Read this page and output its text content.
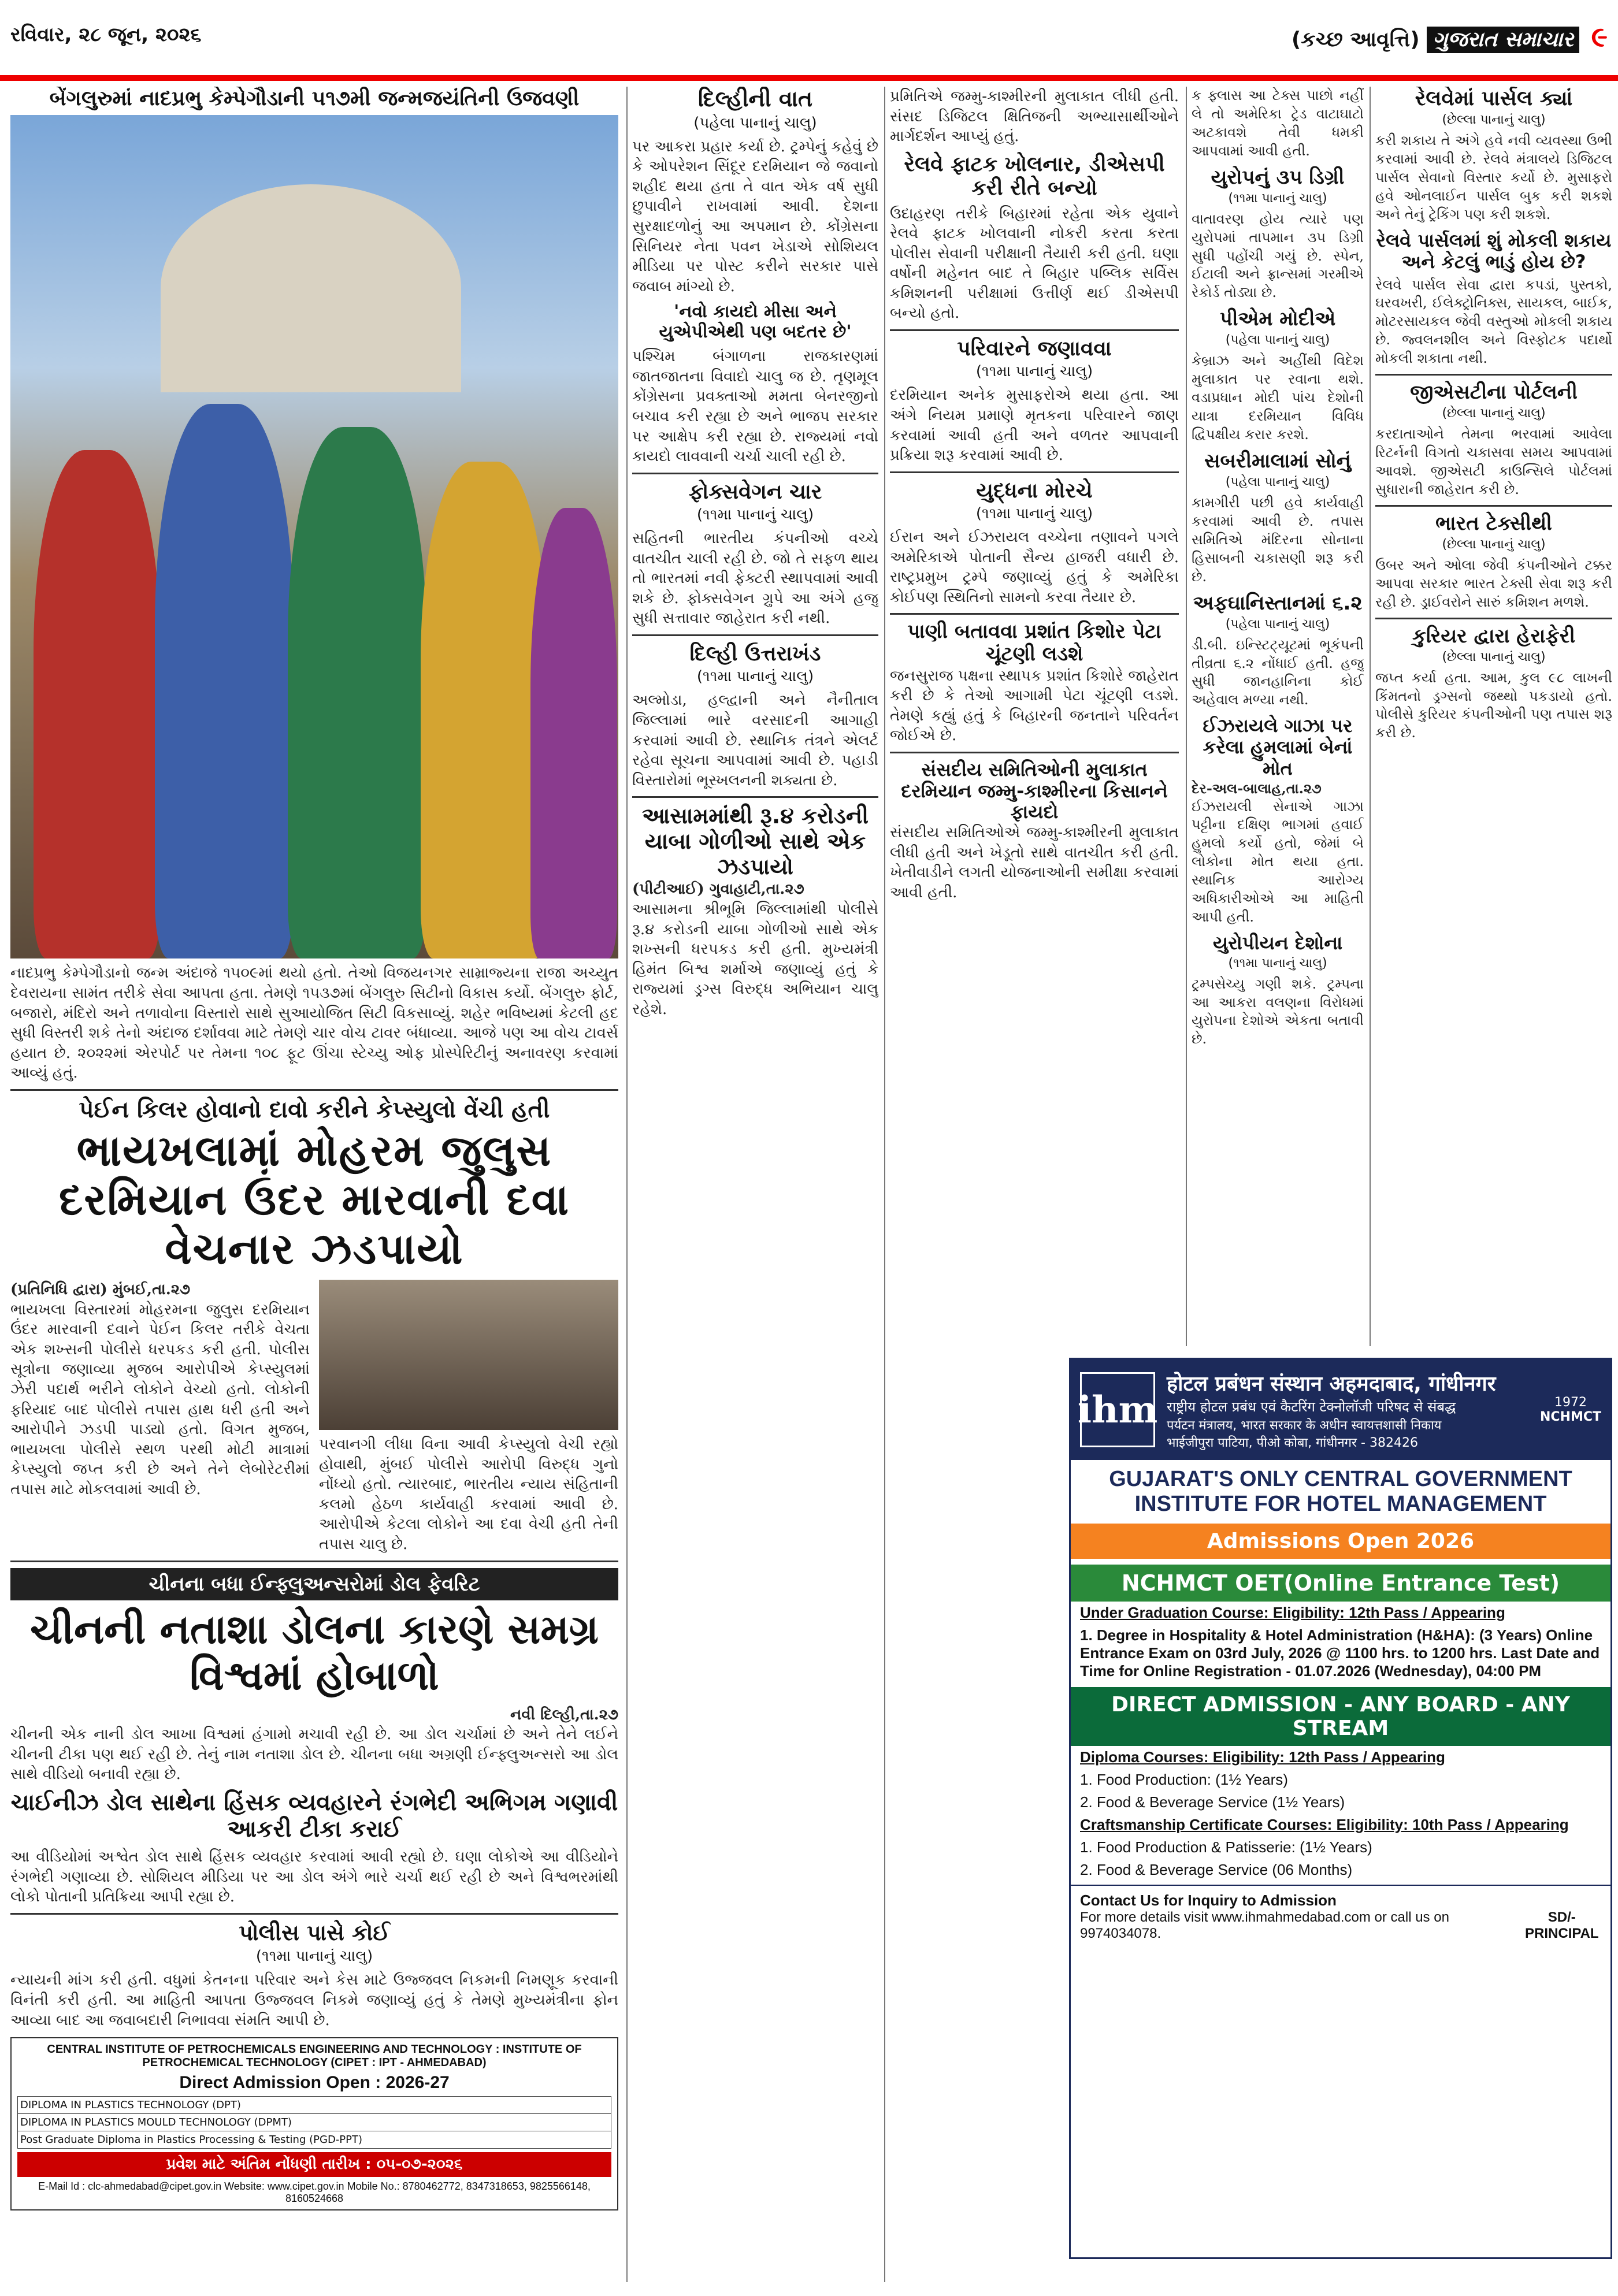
રવિવાર, ૨૮ જૂન, ૨૦૨૬	(કચ્છ આવૃત્તિ) ગુજરાત સમાચાર ૯
બેંગલુરુમાં નાદપ્રભુ કેમ્પેગૌડાની ૫૧૭મી જન્મજયંતિની ઉજવણી
નાદપ્રભુ કેમ્પેગૌડાનો જન્મ અંદાજે ૧૫૦૯માં થયો હતો. તેઓ વિજયનગર સામ્રાજ્યના રાજા અચ્યુત દેવરાયના સામંત તરીકે સેવા આપતા હતા. તેમણે ૧૫૩૭માં બેંગલુરુ સિટીનો વિકાસ કર્યો. બેંગલુરુ ફોર્ટ, બજારો, મંદિરો અને તળાવોના વિસ્તારો સાથે સુઆયોજિત સિટી વિકસાવ્યું. શહેર ભવિષ્યમાં કેટલી હદ સુધી વિસ્તરી શકે તેનો અંદાજ દર્શાવવા માટે તેમણે ચાર વોચ ટાવર બંધાવ્યા. આજે પણ આ વોચ ટાવર્સ હયાત છે. ૨૦૨૨માં એરપોર્ટ પર તેમના ૧૦૮ ફૂટ ઊંચા સ્ટેચ્યુ ઓફ પ્રોસ્પેરિટીનું અનાવરણ કરવામાં આવ્યું હતું.
પેઈન કિલર હોવાનો દાવો કરીને કેપ્સ્યુલો વેંચી હતી
ભાયખલામાં મોહરમ જુલુસ દરમિયાન ઉંદર મારવાની દવા વેચનાર ઝડપાયો
(પ્રતિનિધિ દ્વારા) મુંબઈ,તા.૨૭
ભાયખલા વિસ્તારમાં મોહરમના જુલુસ દરમિયાન ઉંદર મારવાની દવાને પેઈન કિલર તરીકે વેચતા એક શખ્સની પોલીસે ધરપકડ કરી હતી. પોલીસ સૂત્રોના જણાવ્યા મુજબ આરોપીએ કેપ્સ્યુલમાં ઝેરી પદાર્થ ભરીને લોકોને વેચ્યો હતો. લોકોની ફરિયાદ બાદ પોલીસે તપાસ હાથ ધરી હતી અને આરોપીને ઝડપી પાડ્યો હતો. વિગત મુજબ, ભાયખલા પોલીસે સ્થળ પરથી મોટી માત્રામાં કેપ્સ્યુલો જપ્ત કરી છે અને તેને લેબોરેટરીમાં તપાસ માટે મોકલવામાં આવી છે.
પરવાનગી લીધા વિના આવી કેપ્સ્યુલો વેચી રહ્યો હોવાથી, મુંબઈ પોલીસે આરોપી વિરુદ્ધ ગુનો નોંધ્યો હતો. ત્યારબાદ, ભારતીય ન્યાય સંહિતાની કલમો હેઠળ કાર્યવાહી કરવામાં આવી છે. આરોપીએ કેટલા લોકોને આ દવા વેચી હતી તેની તપાસ ચાલુ છે.
ચીનના બધા ઈન્ફ્લુઅન્સરોમાં ડોલ ફેવરિટ
ચીનની નતાશા ડોલના કારણે સમગ્ર વિશ્વમાં હોબાળો
નવી દિલ્હી,તા.૨૭
ચીનની એક નાની ડોલ આખા વિશ્વમાં હંગામો મચાવી રહી છે. આ ડોલ ચર્ચામાં છે અને તેને લઈને ચીનની ટીકા પણ થઈ રહી છે. તેનું નામ નતાશા ડોલ છે. ચીનના બધા અગ્રણી ઈન્ફ્લુઅન્સરો આ ડોલ સાથે વીડિયો બનાવી રહ્યા છે.
ચાઈનીઝ ડોલ સાથેના હિંસક વ્યવહારને રંગભેદી અભિગમ ગણાવી આકરી ટીકા કરાઈ
આ વીડિયોમાં અશ્વેત ડોલ સાથે હિંસક વ્યવહાર કરવામાં આવી રહ્યો છે. ઘણા લોકોએ આ વીડિયોને રંગભેદી ગણાવ્યા છે. સોશિયલ મીડિયા પર આ ડોલ અંગે ભારે ચર્ચા થઈ રહી છે અને વિશ્વભરમાંથી લોકો પોતાની પ્રતિક્રિયા આપી રહ્યા છે.
પોલીસ પાસે કોઈ
(૧૧મા પાનાનું ચાલુ)
ન્યાયની માંગ કરી હતી. વધુમાં કેતનના પરિવાર અને કેસ માટે ઉજ્જવલ નિકમની નિમણૂક કરવાની વિનંતી કરી હતી. આ માહિતી આપતા ઉજ્જવલ નિકમે જણાવ્યું હતું કે તેમણે મુખ્યમંત્રીના ફોન આવ્યા બાદ આ જવાબદારી નિભાવવા સંમતિ આપી છે.
CENTRAL INSTITUTE OF PETROCHEMICALS ENGINEERING AND TECHNOLOGY : INSTITUTE OF PETROCHEMICAL TECHNOLOGY (CIPET : IPT - AHMEDABAD)
Direct Admission Open : 2026-27
DIPLOMA IN PLASTICS TECHNOLOGY (DPT)
DIPLOMA IN PLASTICS MOULD TECHNOLOGY (DPMT)
Post Graduate Diploma in Plastics Processing & Testing (PGD-PPT)
પ્રવેશ માટે અંતિમ નોંધણી તારીખ : ૦૫-૦૭-૨૦૨૬
E-Mail Id : clc-ahmedabad@cipet.gov.in Website: www.cipet.gov.in Mobile No.: 8780462772, 8347318653, 9825566148, 8160524668
દિલ્હીની વાત
(પહેલા પાનાનું ચાલુ)
પર આકરા પ્રહાર કર્યા છે. ટ્રમ્પેનું કહેવું છે કે ઓપરેશન સિંદૂર દરમિયાન જે જવાનો શહીદ થયા હતા તે વાત એક વર્ષ સુધી છુપાવીને રાખવામાં આવી. દેશના સુરક્ષાદળોનું આ અપમાન છે. કોંગ્રેસના સિનિયર નેતા પવન ખેડાએ સોશિયલ મીડિયા પર પોસ્ટ કરીને સરકાર પાસે જવાબ માંગ્યો છે.
'નવો કાયદો મીસા અને યુએપીએથી પણ બદતર છે'
પશ્ચિમ બંગાળના રાજકારણમાં જાતજાતના વિવાદો ચાલુ જ છે. તૃણમૂલ કોંગ્રેસના પ્રવક્તાઓ મમતા બેનરજીનો બચાવ કરી રહ્યા છે અને ભાજપ સરકાર પર આક્ષેપ કરી રહ્યા છે. રાજ્યમાં નવો કાયદો લાવવાની ચર્ચા ચાલી રહી છે.
ફોક્સવેગન ચાર
(૧૧મા પાનાનું ચાલુ)
સહિતની ભારતીય કંપનીઓ વચ્ચે વાતચીત ચાલી રહી છે. જો તે સફળ થાય તો ભારતમાં નવી ફેક્ટરી સ્થાપવામાં આવી શકે છે. ફોક્સવેગન ગ્રુપે આ અંગે હજુ સુધી સત્તાવાર જાહેરાત કરી નથી.
દિલ્હી ઉત્તરાખંડ
(૧૧મા પાનાનું ચાલુ)
અલ્મોડા, હલ્દ્વાની અને નૈનીતાલ જિલ્લામાં ભારે વરસાદની આગાહી કરવામાં આવી છે. સ્થાનિક તંત્રને એલર્ટ રહેવા સૂચના આપવામાં આવી છે. પહાડી વિસ્તારોમાં ભૂસ્ખલનની શક્યતા છે.
આસામમાંથી રૂ.૪ કરોડની યાબા ગોળીઓ સાથે એક ઝડપાયો
(પીટીઆઈ) ગુવાહાટી,તા.૨૭
આસામના શ્રીભૂમિ જિલ્લામાંથી પોલીસે રૂ.૪ કરોડની યાબા ગોળીઓ સાથે એક શખ્સની ધરપકડ કરી હતી. મુખ્યમંત્રી હિમંત બિશ્વ શર્માએ જણાવ્યું હતું કે રાજ્યમાં ડ્રગ્સ વિરુદ્ધ અભિયાન ચાલુ રહેશે.
પ્રમિતિએ જમ્મુ-કાશ્મીરની મુલાકાત લીધી હતી. સંસદ ડિજિટલ ક્ષિતિજની અભ્યાસાર્થીઓને માર્ગદર્શન આપ્યું હતું.
રેલવે ફાટક ખોલનાર, ડીએસપી કરી રીતે બન્યો
ઉદાહરણ તરીકે બિહારમાં રહેતા એક યુવાને રેલવે ફાટક ખોલવાની નોકરી કરતા કરતા પોલીસ સેવાની પરીક્ષાની તૈયારી કરી હતી. ઘણા વર્ષોની મહેનત બાદ તે બિહાર પબ્લિક સર્વિસ કમિશનની પરીક્ષામાં ઉત્તીર્ણ થઈ ડીએસપી બન્યો હતો.
પરિવારને જણાવવા
(૧૧મા પાનાનું ચાલુ)
દરમિયાન અનેક મુસાફરોએ થયા હતા. આ અંગે નિયમ પ્રમાણે મૃતકના પરિવારને જાણ કરવામાં આવી હતી અને વળતર આપવાની પ્રક્રિયા શરૂ કરવામાં આવી છે.
યુદ્ધના મોરચે
(૧૧મા પાનાનું ચાલુ)
ઈરાન અને ઈઝરાયલ વચ્ચેના તણાવને પગલે અમેરિકાએ પોતાની સૈન્ય હાજરી વધારી છે. રાષ્ટ્રપ્રમુખ ટ્રમ્પે જણાવ્યું હતું કે અમેરિકા કોઈપણ સ્થિતિનો સામનો કરવા તૈયાર છે.
પાણી બતાવવા પ્રશાંત કિશોર પેટા ચૂંટણી લડશે
જનસુરાજ પક્ષના સ્થાપક પ્રશાંત કિશોરે જાહેરાત કરી છે કે તેઓ આગામી પેટા ચૂંટણી લડશે. તેમણે કહ્યું હતું કે બિહારની જનતાને પરિવર્તન જોઈએ છે.
સંસદીય સમિતિઓની મુલાકાત દરમિયાન જમ્મુ-કાશ્મીરના કિસાનને ફાયદો
સંસદીય સમિતિઓએ જમ્મુ-કાશ્મીરની મુલાકાત લીધી હતી અને ખેડૂતો સાથે વાતચીત કરી હતી. ખેતીવાડીને લગતી યોજનાઓની સમીક્ષા કરવામાં આવી હતી.
ક ફ્લાસ આ ટેક્સ પાછો નહીં લે તો અમેરિકા ટ્રેડ વાટાઘાટો અટકાવશે તેવી ધમકી આપવામાં આવી હતી.
યુરોપનું ૩૫ ડિગ્રી
(૧૧મા પાનાનું ચાલુ)
વાતાવરણ હોય ત્યારે પણ યુરોપમાં તાપમાન ૩૫ ડિગ્રી સુધી પહોંચી ગયું છે. સ્પેન, ઈટાલી અને ફ્રાન્સમાં ગરમીએ રેકોર્ડ તોડ્યા છે.
પીએમ મોદીએ
(પહેલા પાનાનું ચાલુ)
કેબ્રાઝ અને અહીંથી વિદેશ મુલાકાત પર રવાના થશે. વડાપ્રધાન મોદી પાંચ દેશોની યાત્રા દરમિયાન વિવિધ દ્વિપક્ષીય કરાર કરશે.
સબરીમાલામાં સોનું
(પહેલા પાનાનું ચાલુ)
કામગીરી પછી હવે કાર્યવાહી કરવામાં આવી છે. તપાસ સમિતિએ મંદિરના સોનાના હિસાબની ચકાસણી શરૂ કરી છે.
અફઘાનિસ્તાનમાં ૬.૨
(પહેલા પાનાનું ચાલુ)
ડી.બી. ઇન્સ્ટિટ્યૂટમાં ભૂકંપની તીવ્રતા ૬.૨ નોંધાઈ હતી. હજુ સુધી જાનહાનિના કોઈ અહેવાલ મળ્યા નથી.
ઈઝરાયલે ગાઝા પર કરેલા હુમલામાં બેનાં મોત
દેર-અલ-બાલાહ,તા.૨૭
ઈઝરાયલી સેનાએ ગાઝા પટ્ટીના દક્ષિણ ભાગમાં હવાઈ હુમલો કર્યો હતો, જેમાં બે લોકોના મોત થયા હતા. સ્થાનિક આરોગ્ય અધિકારીઓએ આ માહિતી આપી હતી.
યુરોપીયન દેશોના
(૧૧મા પાનાનું ચાલુ)
ટ્રમ્પસેચ્યુ ગણી શકે. ટ્રમ્પના આ આકરા વલણના વિરોધમાં યુરોપના દેશોએ એકતા બતાવી છે.
રેલવેમાં પાર્સલ ક્યાં
(છેલ્લા પાનાનું ચાલુ)
કરી શકાય તે અંગે હવે નવી વ્યવસ્થા ઉભી કરવામાં આવી છે. રેલવે મંત્રાલયે ડિજિટલ પાર્સલ સેવાનો વિસ્તાર કર્યો છે. મુસાફરો હવે ઓનલાઈન પાર્સલ બુક કરી શકશે અને તેનું ટ્રેકિંગ પણ કરી શકશે.
રેલવે પાર્સલમાં શું મોકલી શકાય અને કેટલું ભાડું હોય છે?
રેલવે પાર્સલ સેવા દ્વારા કપડાં, પુસ્તકો, ઘરવખરી, ઈલેક્ટ્રોનિક્સ, સાયકલ, બાઈક, મોટરસાયકલ જેવી વસ્તુઓ મોકલી શકાય છે. જ્વલનશીલ અને વિસ્ફોટક પદાર્થો મોકલી શકાતા નથી.
જીએસટીના પોર્ટલની
(છેલ્લા પાનાનું ચાલુ)
કરદાતાઓને તેમના ભરવામાં આવેલા રિટર્નની વિગતો ચકાસવા સમય આપવામાં આવશે. જીએસટી કાઉન્સિલે પોર્ટલમાં સુધારાની જાહેરાત કરી છે.
ભારત ટેક્સીથી
(છેલ્લા પાનાનું ચાલુ)
ઉબર અને ઓલા જેવી કંપનીઓને ટક્કર આપવા સરકાર ભારત ટેક્સી સેવા શરૂ કરી રહી છે. ડ્રાઈવરોને સારું કમિશન મળશે.
કુરિયર દ્વારા હેરાફેરી
(છેલ્લા પાનાનું ચાલુ)
જપ્ત કર્યા હતા. આમ, કુલ ૯૮ લાખની કિંમતનો ડ્રગ્સનો જથ્થો પકડાયો હતો. પોલીસે કુરિયર કંપનીઓની પણ તપાસ શરૂ કરી છે.
ihm
होटल प्रबंधन संस्थान अहमदाबाद, गांधीनगर
राष्ट्रीय होटल प्रबंध एवं कैटरिंग टेक्नोलॉजी परिषद से संबद्ध
पर्यटन मंत्रालय, भारत सरकार के अधीन स्वायत्तशासी निकाय
भाईजीपुरा पाटिया, पीओ कोबा, गांधीनगर - 382426
1972
NCHMCT
GUJARAT'S ONLY CENTRAL GOVERNMENT INSTITUTE FOR HOTEL MANAGEMENT
Admissions Open 2026
NCHMCT OET(Online Entrance Test)
Under Graduation Course: Eligibility: 12th Pass / Appearing
1. Degree in Hospitality & Hotel Administration (H&HA): (3 Years) Online Entrance Exam on 03rd July, 2026 @ 1100 hrs. to 1200 hrs. Last Date and Time for Online Registration - 01.07.2026 (Wednesday), 04:00 PM
DIRECT ADMISSION - ANY BOARD - ANY STREAM
Diploma Courses: Eligibility: 12th Pass / Appearing
1. Food Production: (1½ Years)
2. Food & Beverage Service (1½ Years)
Craftsmanship Certificate Courses: Eligibility: 10th Pass / Appearing
1. Food Production & Patisserie: (1½ Years)
2. Food & Beverage Service (06 Months)
Contact Us for Inquiry to Admission
For more details visit www.ihmahmedabad.com or call us on 9974034078.
SD/- PRINCIPAL
